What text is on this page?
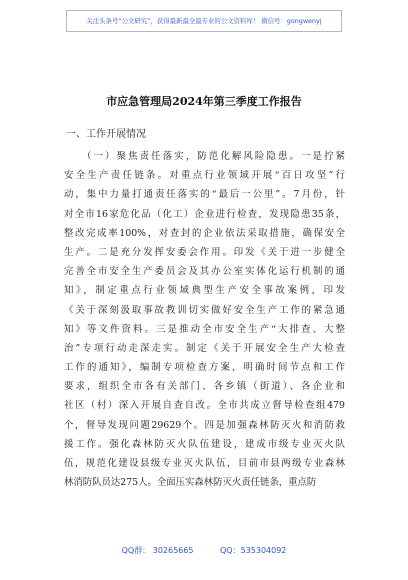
关注头条号“公文研究”，获得最新最全最专业的公文资料库！ 微信号：gongwenyj
市应急管理局2024年第三季度工作报告
一、工作开展情况
（一）聚焦责任落实，防范化解风险隐患。一是拧紧
安全生产责任链条。对重点行业领域开展“百日攻坚”行
动，集中力量打通责任落实的“最后一公里”。7月份，针
对全市16家危化品（化工）企业进行检查，发现隐患35条，
整改完成率100%，对查封的企业依法采取措施，确保安全
生产。二是充分发挥安委会作用。印发《关于进一步健全
完善全市安全生产委员会及其办公室实体化运行机制的通
知》，制定重点行业领域典型生产安全事故案例，印发
《关于深刻汲取事故教训切实做好安全生产工作的紧急通
知》等文件资料。三是推动全市安全生产“大排查、大整
治”专项行动走深走实。制定《关于开展安全生产大检查
工作的通知》，编制专项检查方案，明确时间节点和工作
要求，组织全市各有关部门、各乡镇（街道）、各企业和
社区（村）深入开展自查自改。全市共成立督导检查组479
个，督导发现问题29629个。四是加强森林防灭火和消防救
援工作。强化森林防灭火队伍建设，建成市级专业灭火队
伍，规范化建设县级专业灭火队伍，目前市县两级专业森林
林消防队员达275人。全面压实森林防灭火责任链条，重点防
QQ群： 30265665	QQ：535304092
